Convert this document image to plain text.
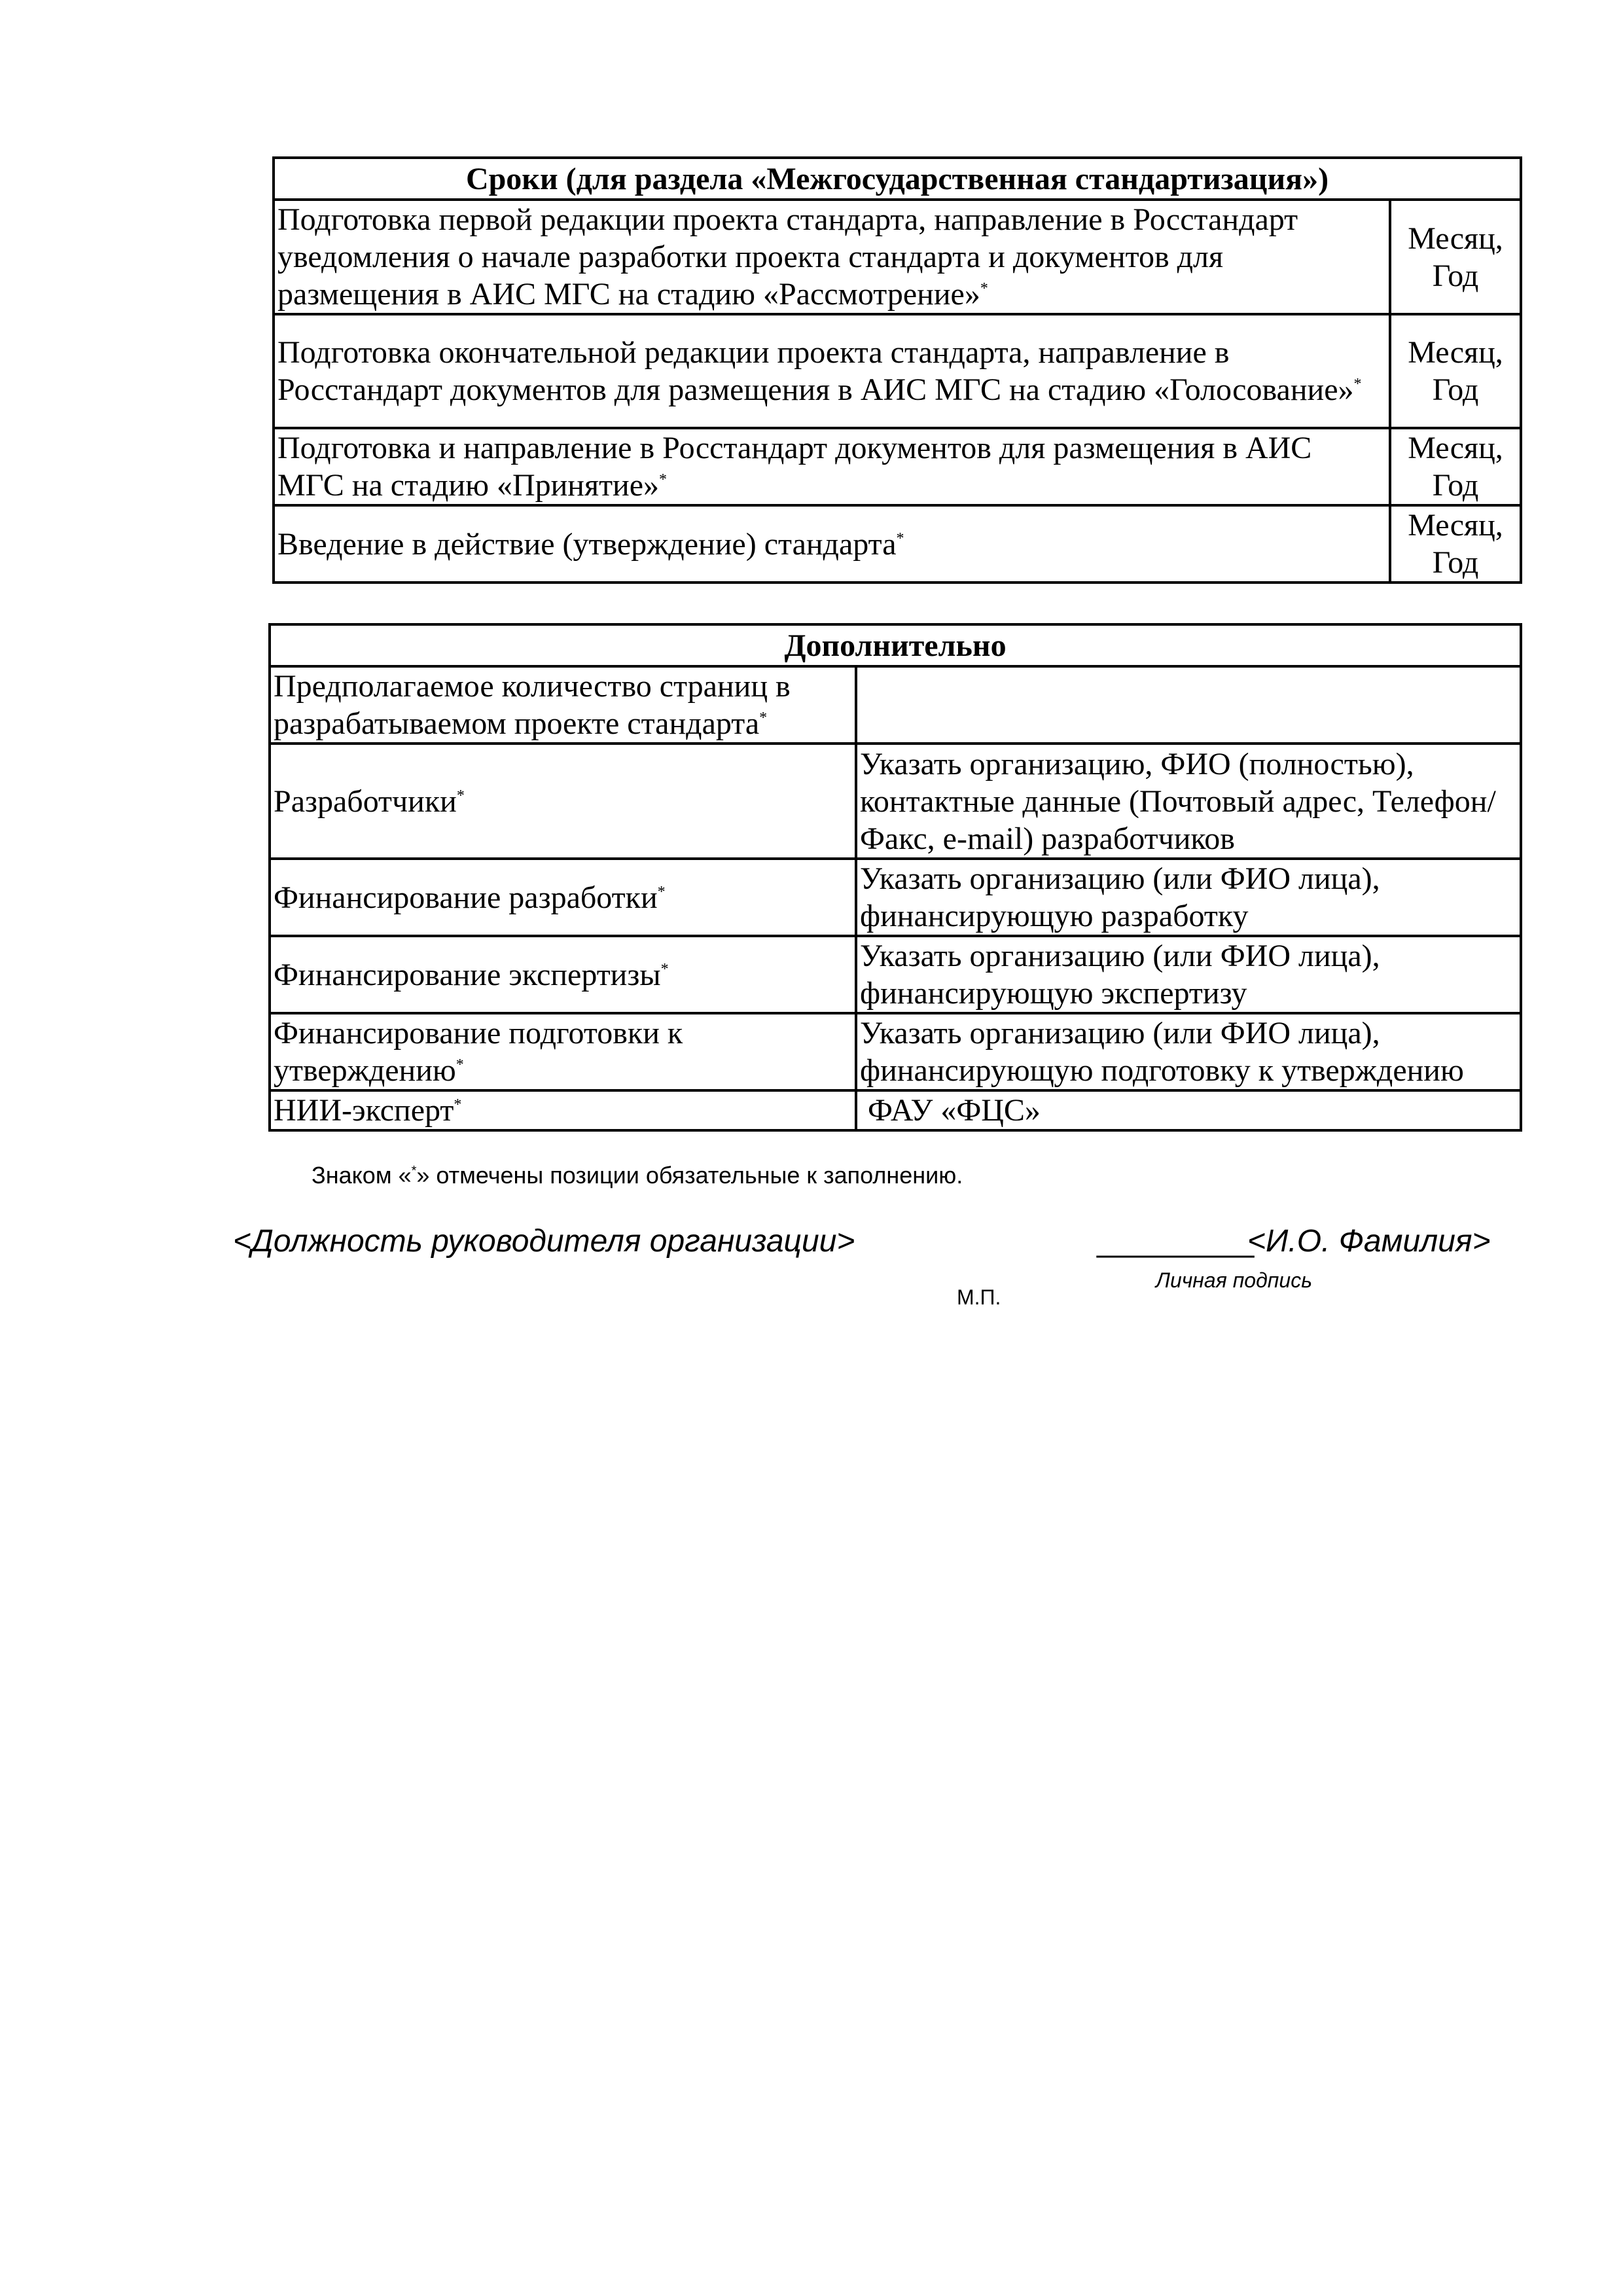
Сроки (для раздела «Межгосударственная стандартизация»)	
Подготовка первой редакции проекта стандарта, направление в Росстандарт уведомления о начале разработки проекта стандарта и документов для размещения в АИС МГС на стадию «Рассмотрение»*	Месяц,
Год
Подготовка окончательной редакции проекта стандарта, направление в Росстандарт документов для размещения в АИС МГС на стадию «Голосование»*	Месяц,
Год
Подготовка и направление в Росстандарт документов для размещения в АИС МГС на стадию «Принятие»*	Месяц,
Год
Введение в действие (утверждение) стандарта*	Месяц,
Год
Дополнительно	
Предполагаемое количество страниц в разрабатываемом проекте стандарта*	
Разработчики*	Указать организацию, ФИО (полностью), контактные данные (Почтовый адрес, Телефон/Факс, e-mail) разработчиков
Финансирование разработки*	Указать организацию (или ФИО лица), финансирующую разработку
Финансирование экспертизы*	Указать организацию (или ФИО лица), финансирующую экспертизу
Финансирование подготовки к утверждению*	Указать организацию (или ФИО лица), финансирующую подготовку к утверждению
НИИ-эксперт*	ФАУ «ФЦС»
Знаком «*» отмечены позиции обязательные к заполнению.
<Должность руководителя организации>	_________
<И.О. Фамилия>
Личная подпись
М.П.
